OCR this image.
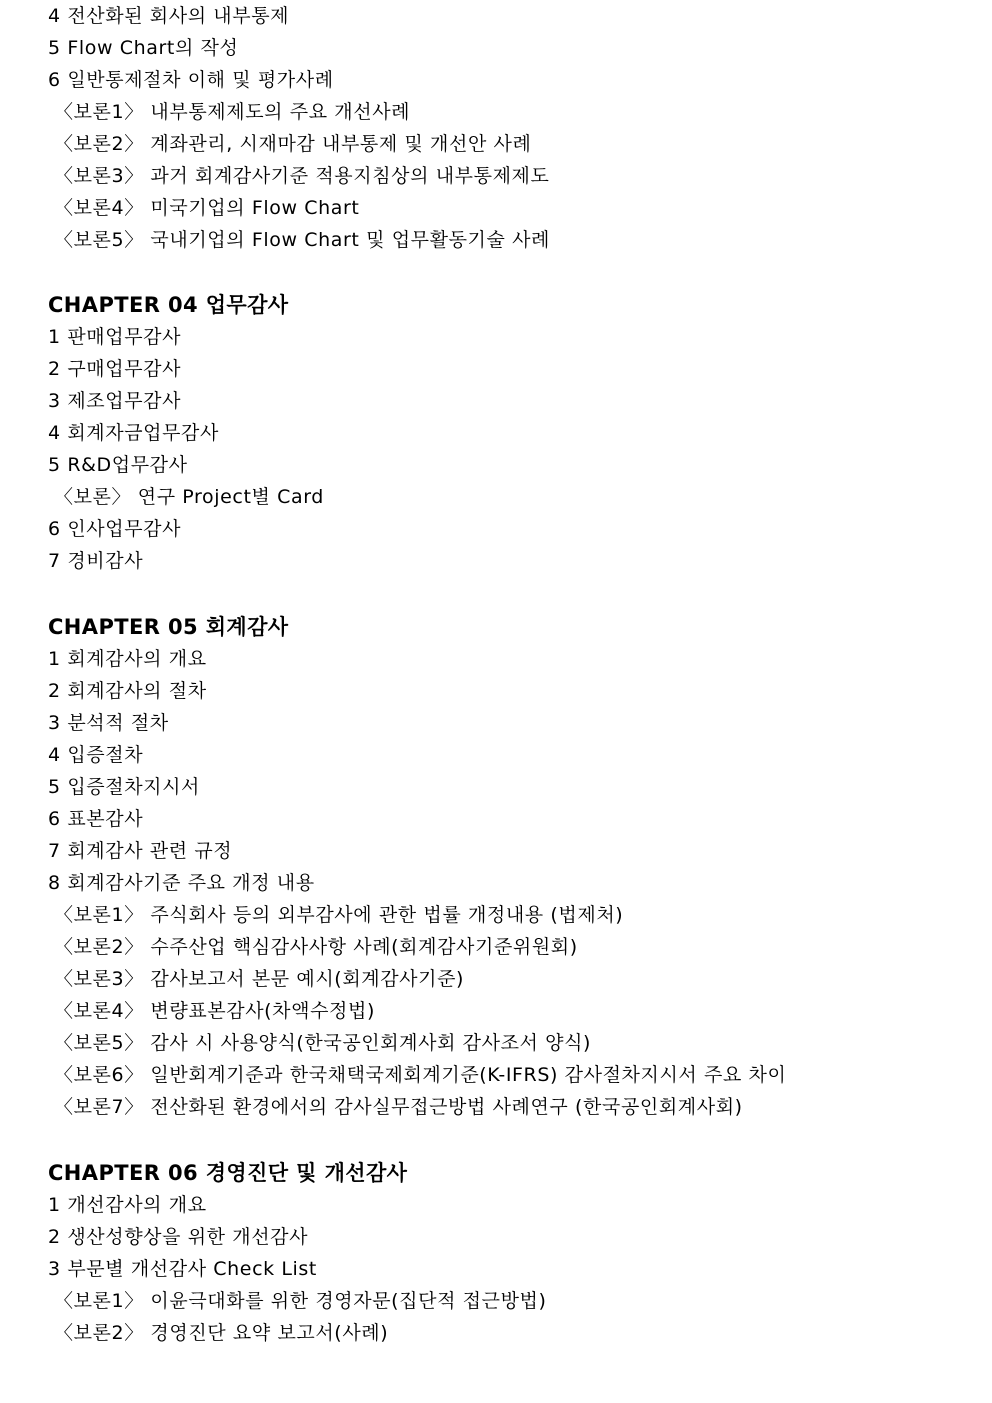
4 전산화된 회사의 내부통제
5 Flow Chart의 작성
6 일반통제절차 이해 및 평가사례
〈보론1〉 내부통제제도의 주요 개선사례
〈보론2〉 계좌관리, 시재마감 내부통제 및 개선안 사례
〈보론3〉 과거 회계감사기준 적용지침상의 내부통제제도
〈보론4〉 미국기업의 Flow Chart
〈보론5〉 국내기업의 Flow Chart 및 업무활동기술 사례
CHAPTER 04 업무감사
1 판매업무감사
2 구매업무감사
3 제조업무감사
4 회계자금업무감사
5 R&D업무감사
〈보론〉 연구 Project별 Card
6 인사업무감사
7 경비감사
CHAPTER 05 회계감사
1 회계감사의 개요
2 회계감사의 절차
3 분석적 절차
4 입증절차
5 입증절차지시서
6 표본감사
7 회계감사 관련 규정
8 회계감사기준 주요 개정 내용
〈보론1〉 주식회사 등의 외부감사에 관한 법률 개정내용 (법제처)
〈보론2〉 수주산업 핵심감사사항 사례(회계감사기준위원회)
〈보론3〉 감사보고서 본문 예시(회계감사기준)
〈보론4〉 변량표본감사(차액수정법)
〈보론5〉 감사 시 사용양식(한국공인회계사회 감사조서 양식)
〈보론6〉 일반회계기준과 한국채택국제회계기준(K-IFRS) 감사절차지시서 주요 차이
〈보론7〉 전산화된 환경에서의 감사실무접근방법 사례연구 (한국공인회계사회)
CHAPTER 06 경영진단 및 개선감사
1 개선감사의 개요
2 생산성향상을 위한 개선감사
3 부문별 개선감사 Check List
〈보론1〉 이윤극대화를 위한 경영자문(집단적 접근방법)
〈보론2〉 경영진단 요약 보고서(사례)
